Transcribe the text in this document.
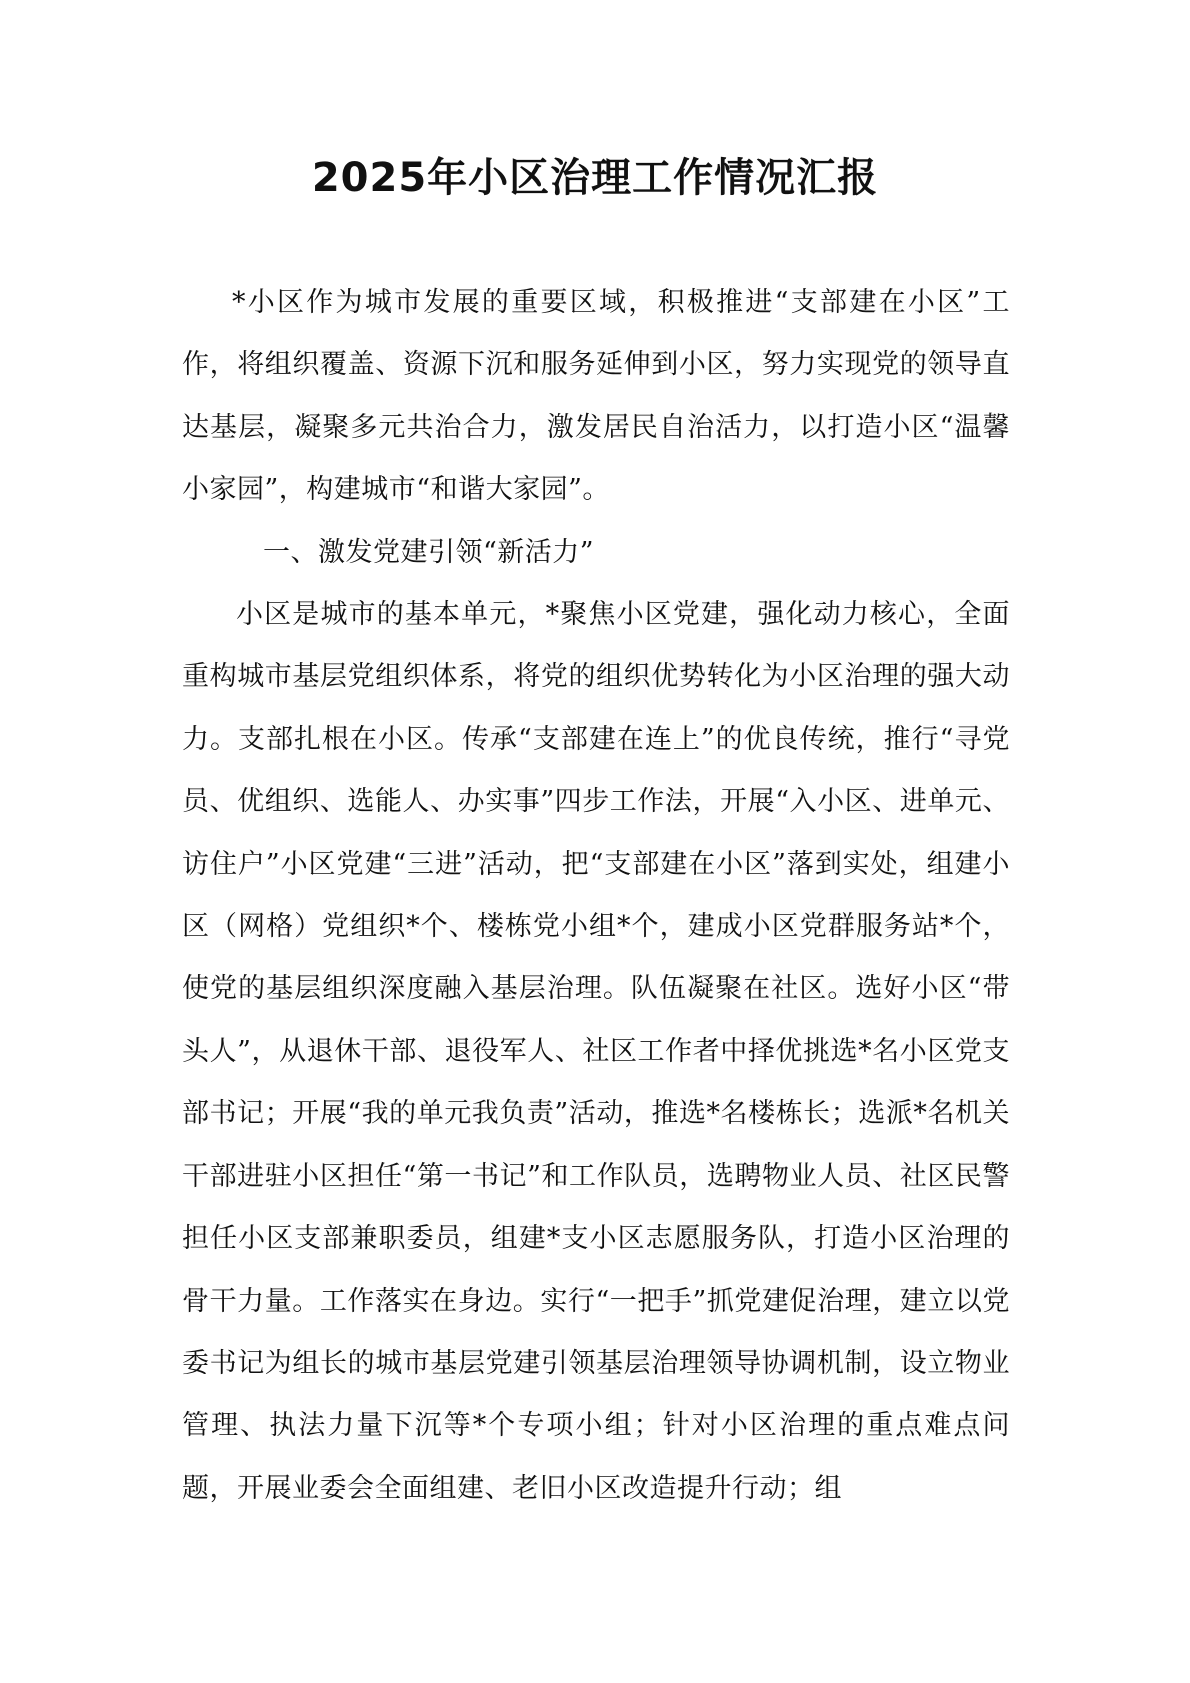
2025年小区治理工作情况汇报

*小区作为城市发展的重要区域，积极推进“支部建在小区”工作，将组织覆盖、资源下沉和服务延伸到小区，努力实现党的领导直达基层，凝聚多元共治合力，激发居民自治活力，以打造小区“温馨小家园”，构建城市“和谐大家园”。

一、激发党建引领“新活力”

小区是城市的基本单元，*聚焦小区党建，强化动力核心，全面重构城市基层党组织体系，将党的组织优势转化为小区治理的强大动力。支部扎根在小区。传承“支部建在连上”的优良传统，推行“寻党员、优组织、选能人、办实事”四步工作法，开展“入小区、进单元、访住户”小区党建“三进”活动，把“支部建在小区”落到实处，组建小区（网格）党组织*个、楼栋党小组*个，建成小区党群服务站*个，使党的基层组织深度融入基层治理。队伍凝聚在社区。选好小区“带头人”，从退休干部、退役军人、社区工作者中择优挑选*名小区党支部书记；开展“我的单元我负责”活动，推选*名楼栋长；选派*名机关干部进驻小区担任“第一书记”和工作队员，选聘物业人员、社区民警担任小区支部兼职委员，组建*支小区志愿服务队，打造小区治理的骨干力量。工作落实在身边。实行“一把手”抓党建促治理，建立以党委书记为组长的城市基层党建引领基层治理领导协调机制，设立物业管理、执法力量下沉等*个专项小组；针对小区治理的重点难点问题，开展业委会全面组建、老旧小区改造提升行动；组
